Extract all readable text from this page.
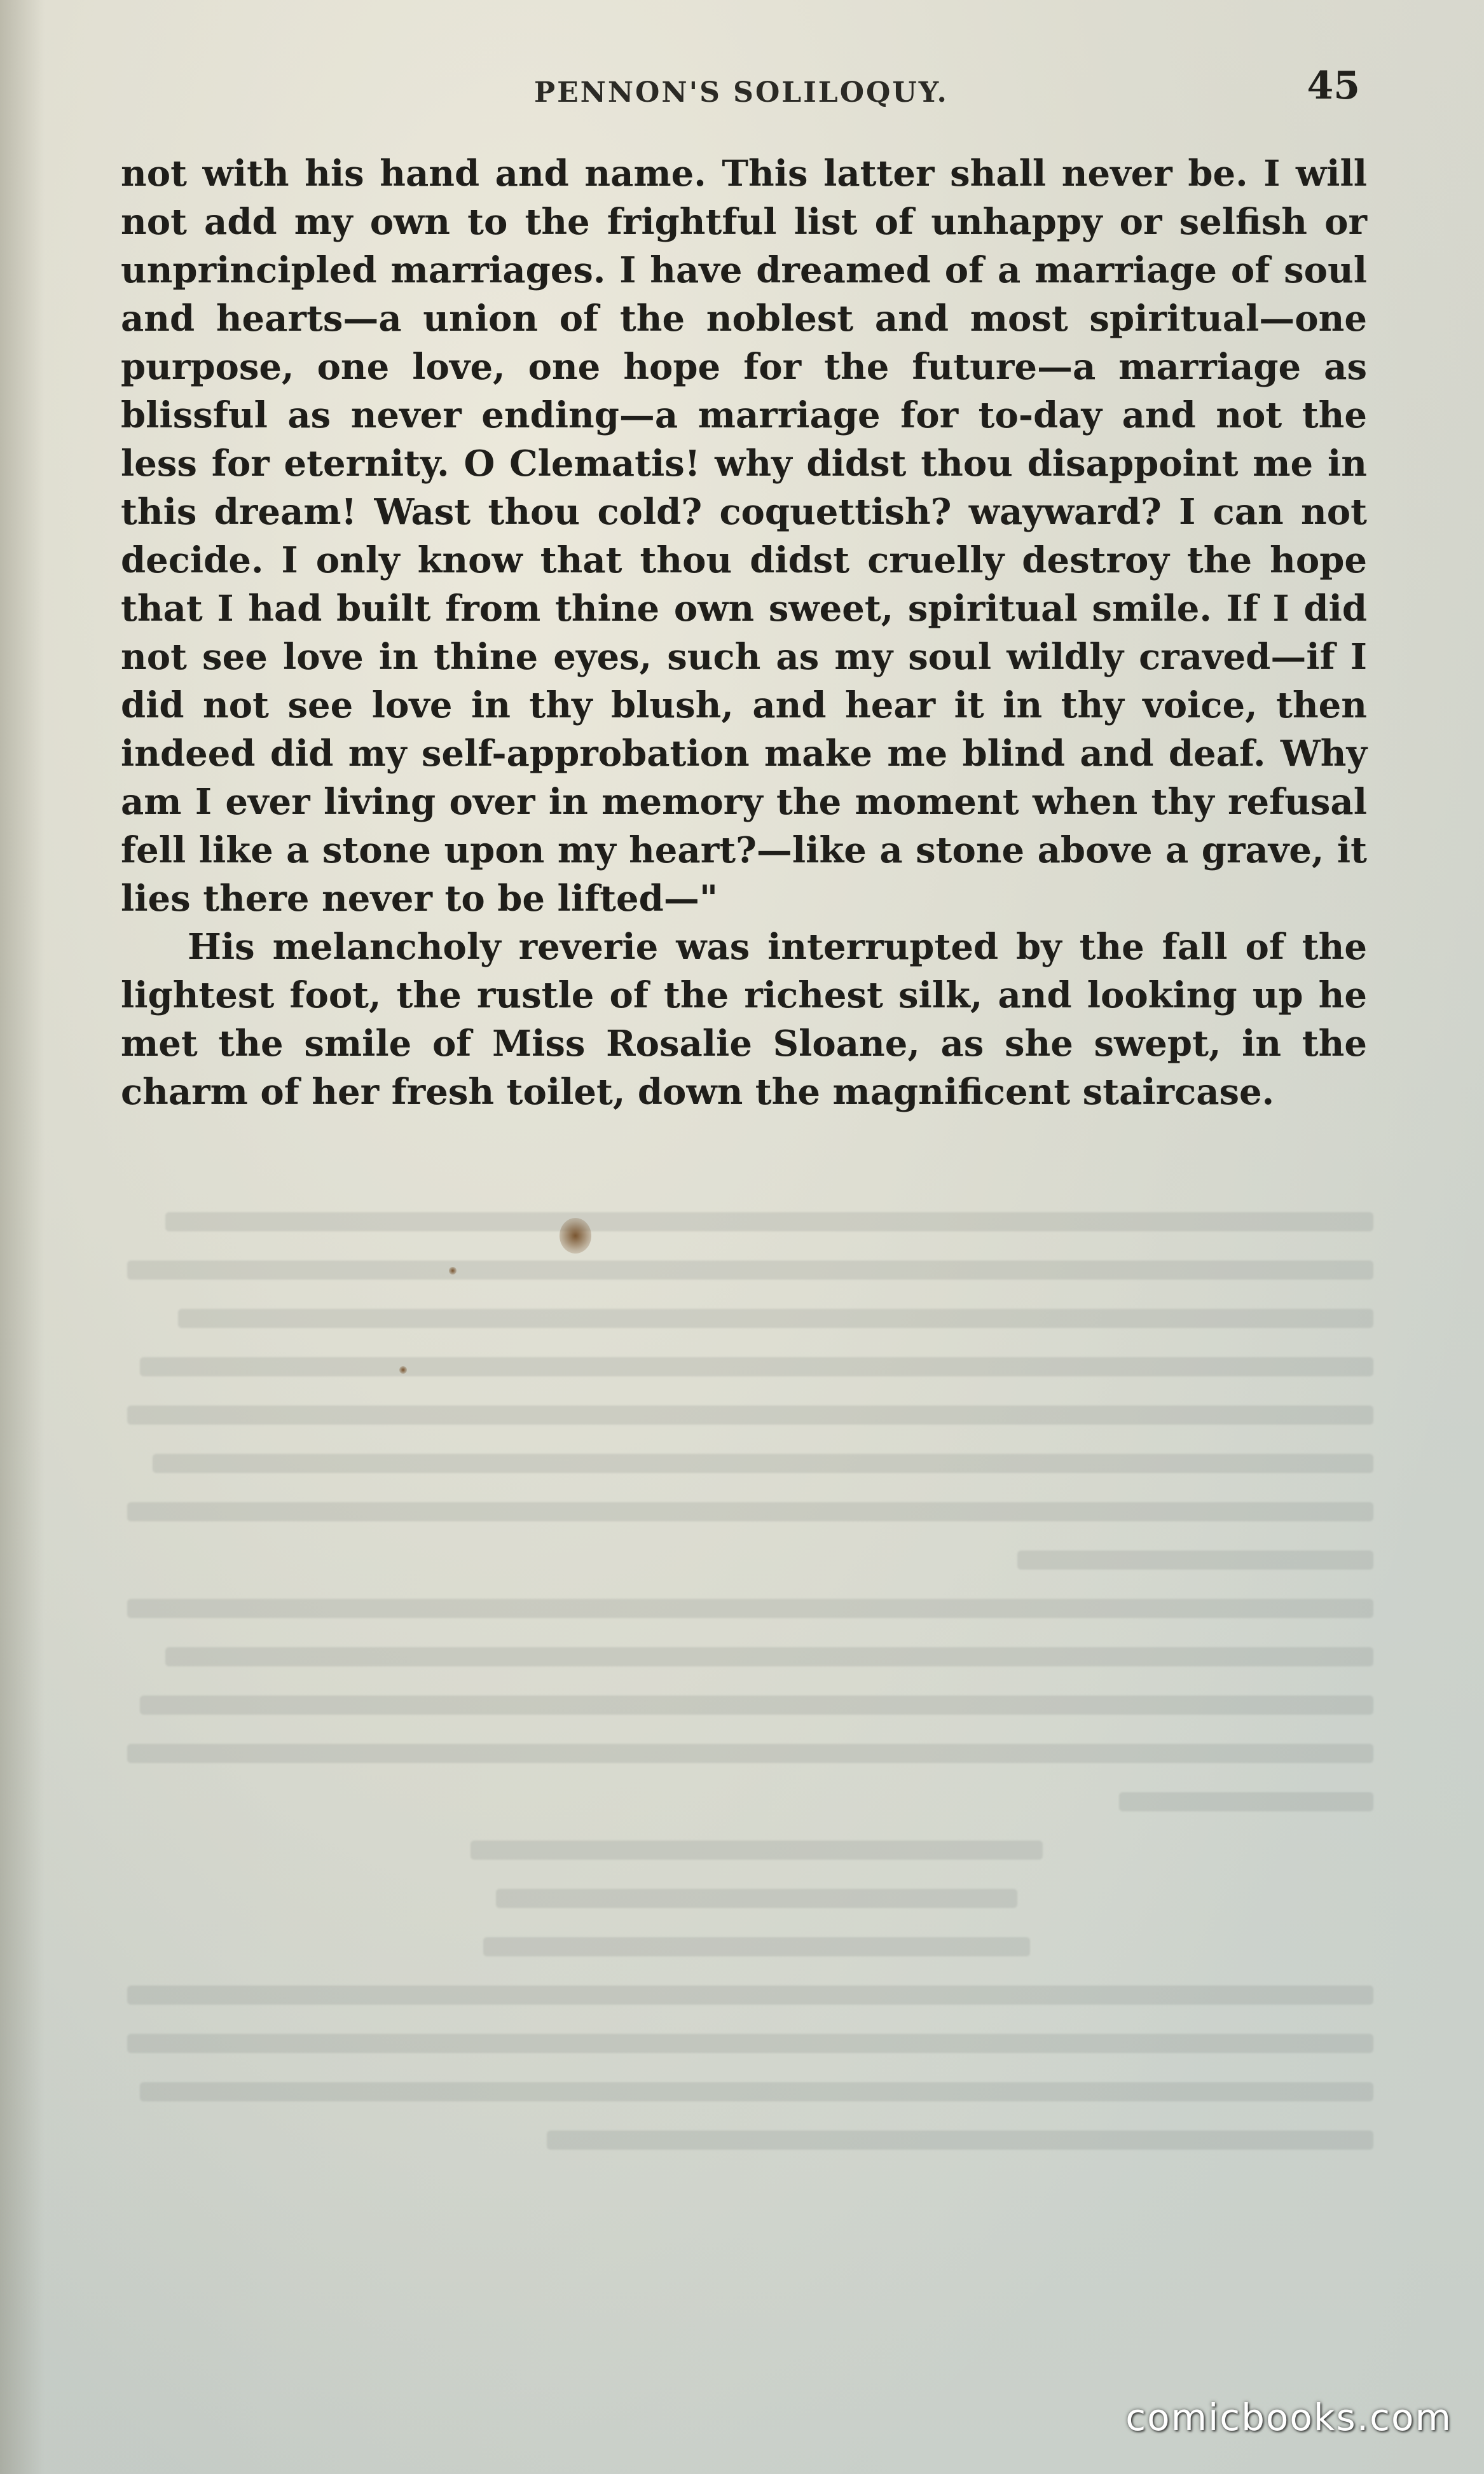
PENNON'S SOLILOQUY.	45

not with his hand and name. This latter shall never be. I will not add my own to the frightful list of unhappy or selfish or unprincipled marriages. I have dreamed of a marriage of soul and hearts—a union of the noblest and most spiritual—one purpose, one love, one hope for the future—a marriage as blissful as never ending—a marriage for to-day and not the less for eternity. O Clematis! why didst thou disappoint me in this dream! Wast thou cold? coquettish? wayward? I can not decide. I only know that thou didst cruelly destroy the hope that I had built from thine own sweet, spiritual smile. If I did not see love in thine eyes, such as my soul wildly craved—if I did not see love in thy blush, and hear it in thy voice, then indeed did my self-approbation make me blind and deaf. Why am I ever living over in memory the moment when thy refusal fell like a stone upon my heart?—like a stone above a grave, it lies there never to be lifted—"

His melancholy reverie was interrupted by the fall of the lightest foot, the rustle of the richest silk, and looking up he met the smile of Miss Rosalie Sloane, as she swept, in the charm of her fresh toilet, down the magnificent staircase.

comicbooks.com
